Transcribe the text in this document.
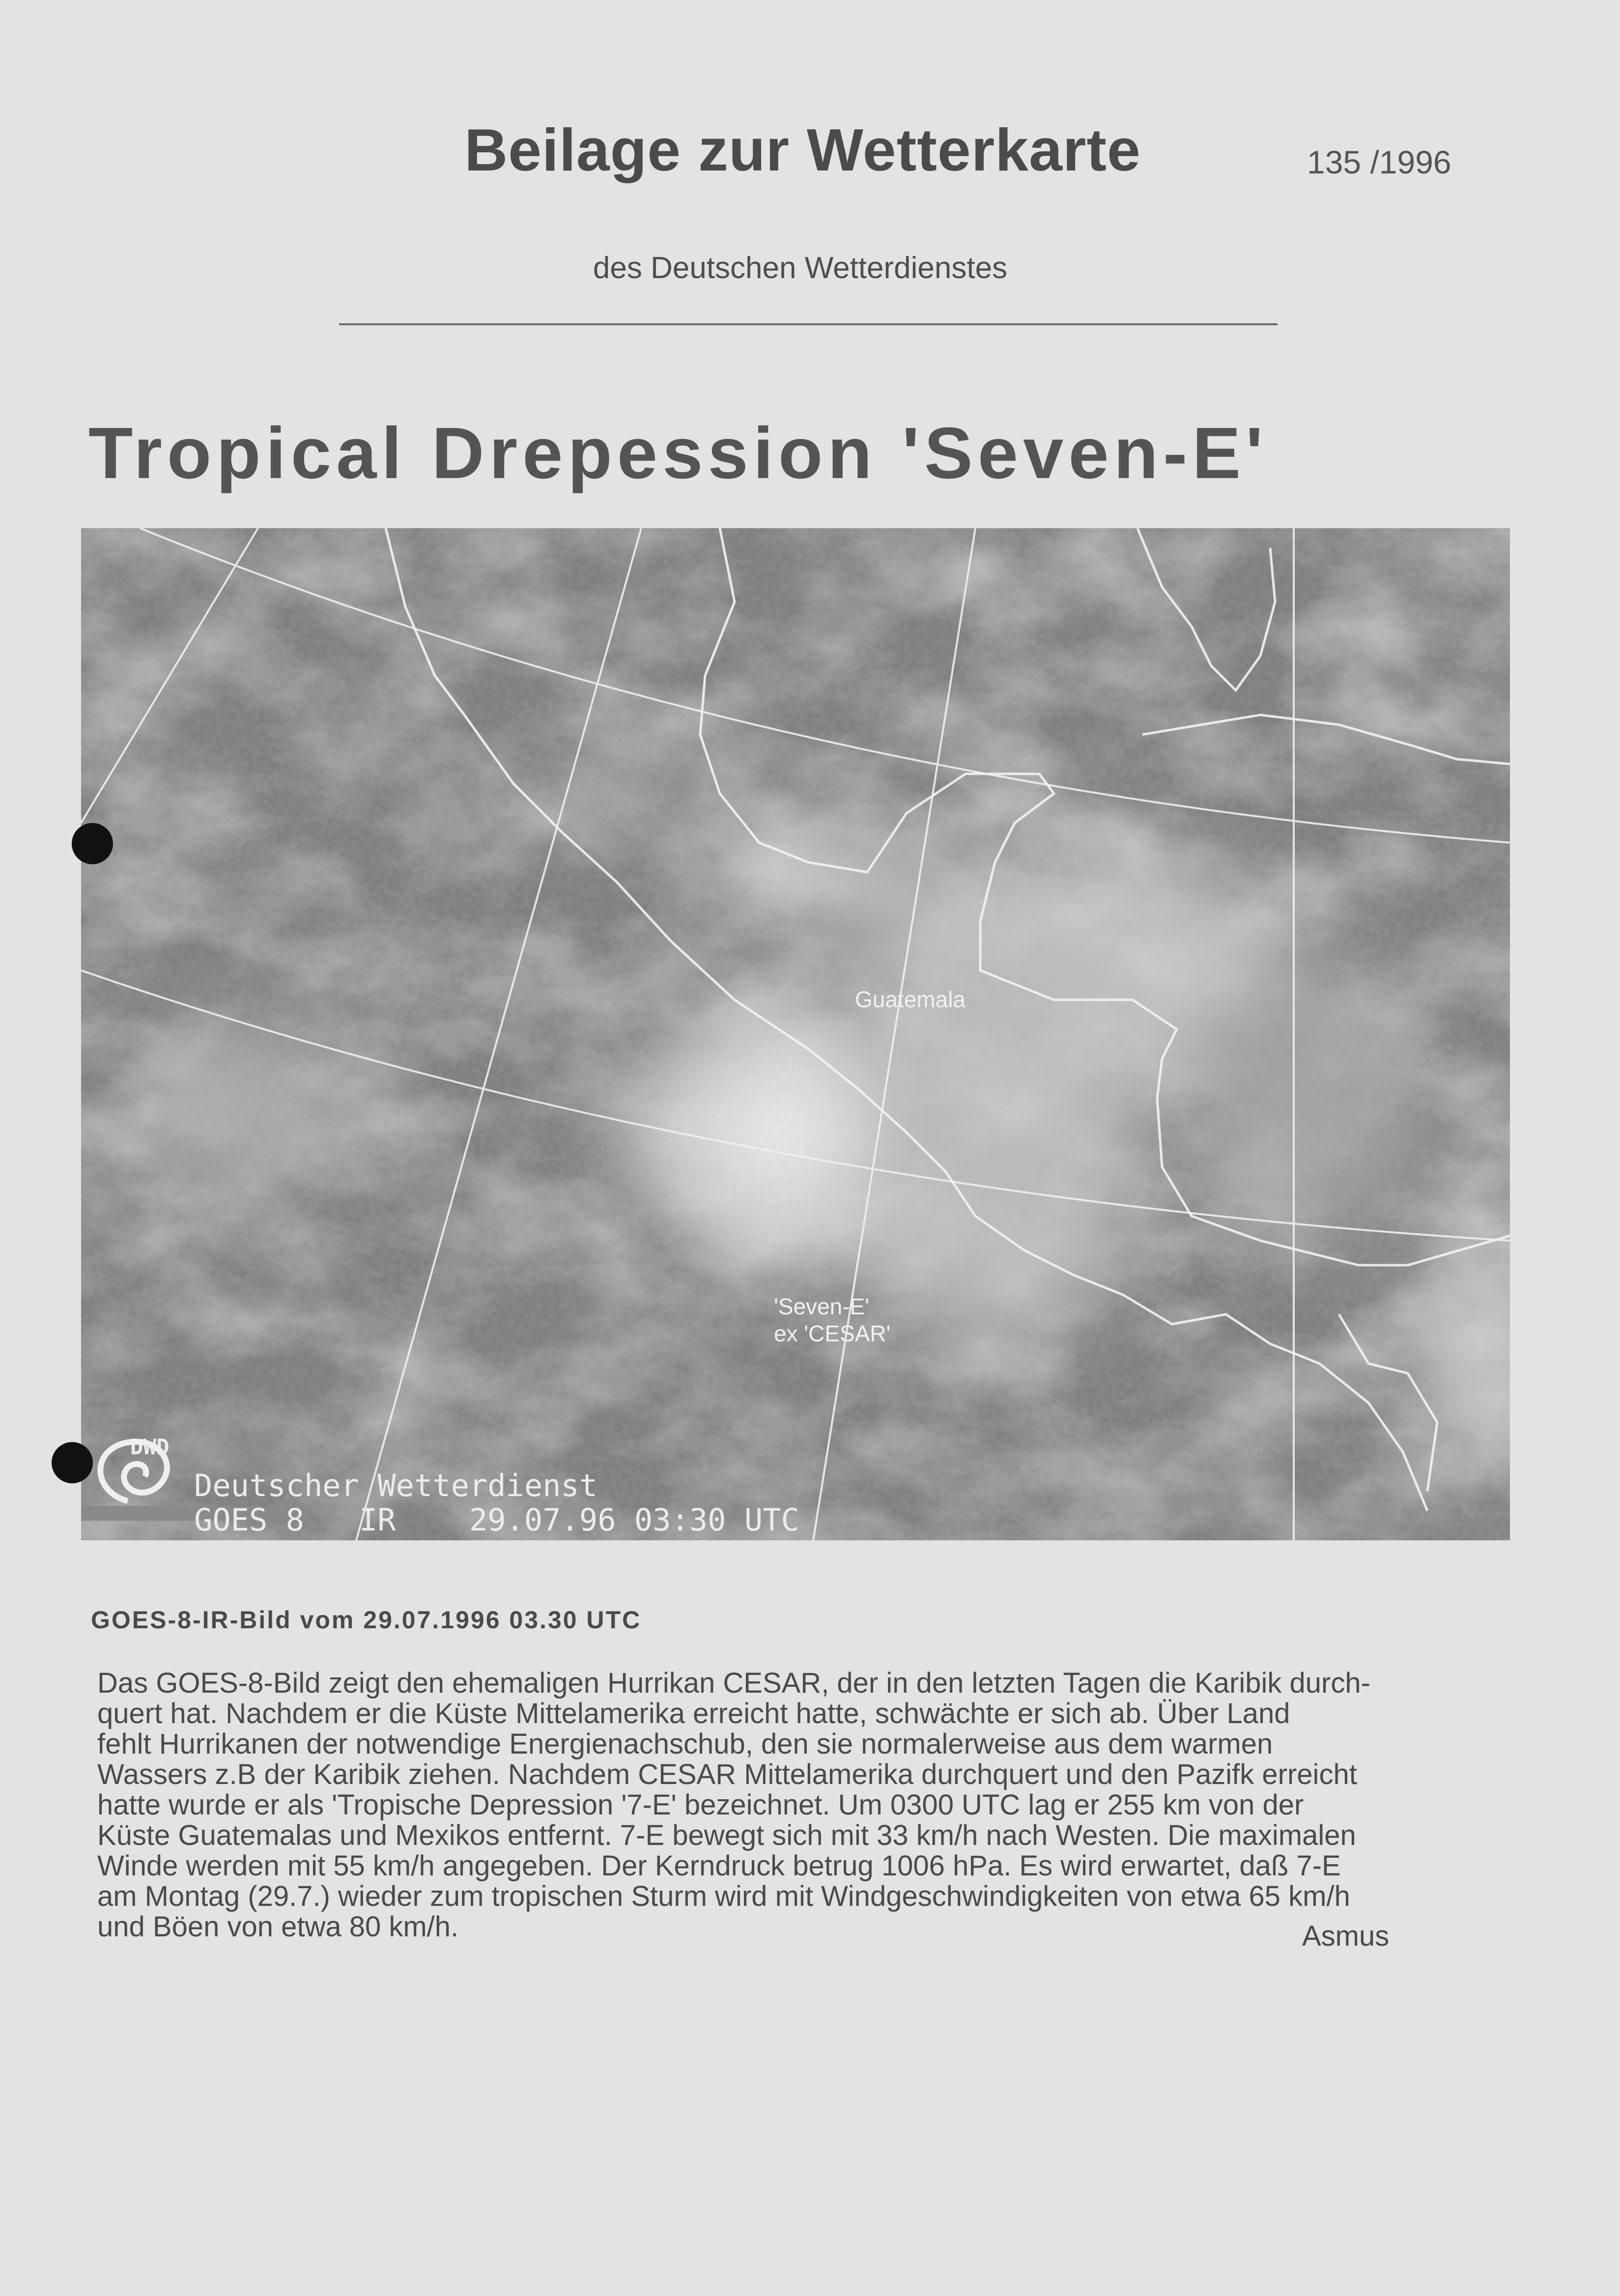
Beilage zur Wetterkarte	135 /1996
des Deutschen Wetterdienstes
Tropical Drepession 'Seven-E'
Guatemala
'Seven-E'
ex 'CESAR'
DWD
Deutscher Wetterdienst
GOES 8   IR    29.07.96 03:30 UTC
GOES-8-IR-Bild vom 29.07.1996 03.30 UTC
Das GOES-8-Bild zeigt den ehemaligen Hurrikan CESAR, der in den letzten Tagen die Karibik durch-
quert hat. Nachdem er die Küste Mittelamerika erreicht hatte, schwächte er sich ab. Über Land
fehlt Hurrikanen der notwendige Energienachschub, den sie normalerweise aus dem warmen
Wassers z.B der Karibik ziehen. Nachdem CESAR Mittelamerika durchquert und den Pazifk erreicht
hatte wurde er als 'Tropische Depression '7-E' bezeichnet. Um 0300 UTC lag er 255 km von der
Küste Guatemalas und Mexikos entfernt. 7-E bewegt sich mit 33 km/h nach Westen. Die maximalen
Winde werden mit 55 km/h angegeben. Der Kerndruck betrug 1006 hPa. Es wird erwartet, daß 7-E
am Montag (29.7.) wieder zum tropischen Sturm wird mit Windgeschwindigkeiten von etwa 65 km/h
und Böen von etwa 80 km/h.	Asmus
